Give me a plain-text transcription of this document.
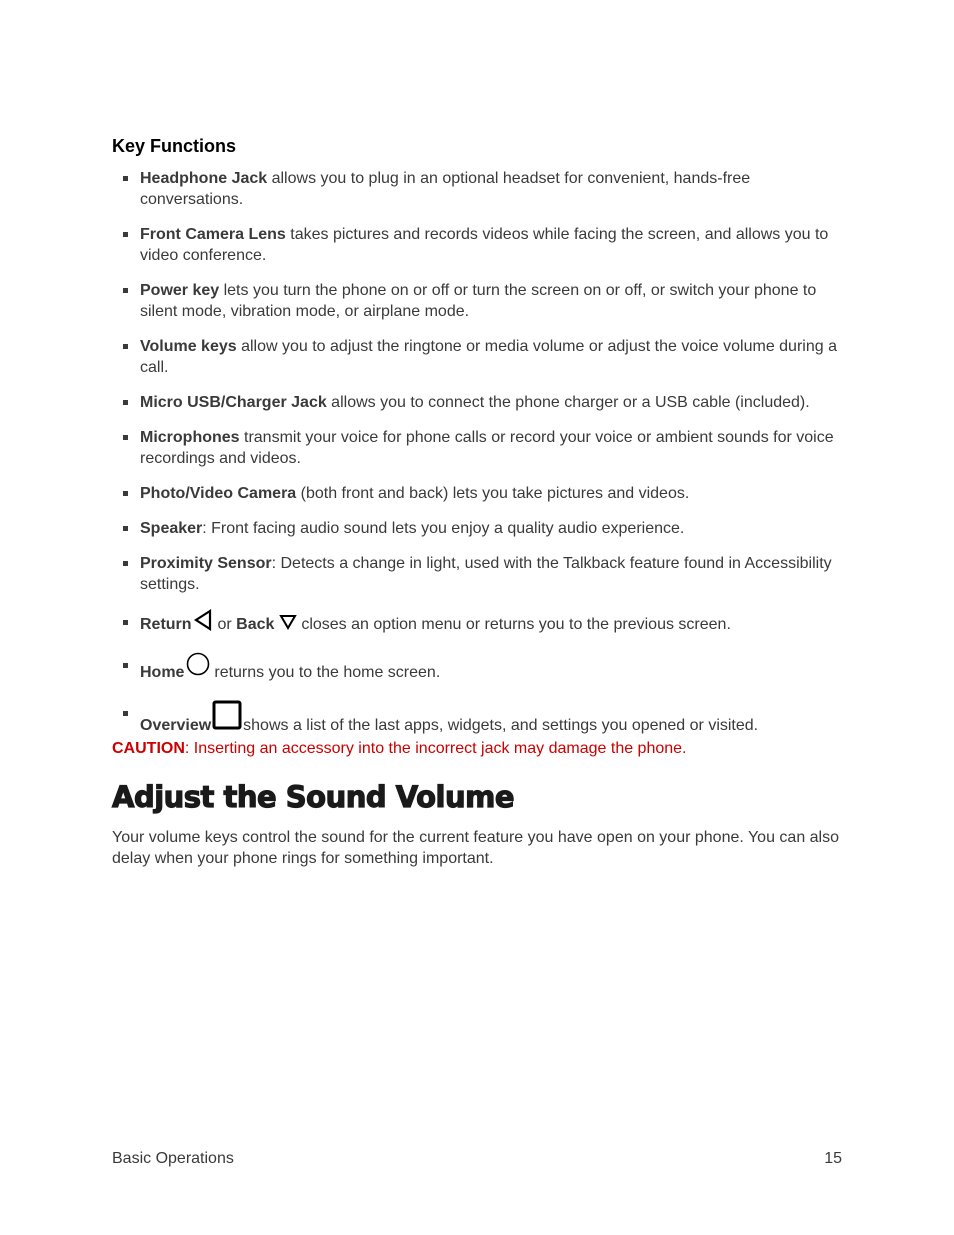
Key Functions
Headphone Jack allows you to plug in an optional headset for convenient, hands-free conversations.
Front Camera Lens takes pictures and records videos while facing the screen, and allows you to video conference.
Power key lets you turn the phone on or off or turn the screen on or off, or switch your phone to silent mode, vibration mode, or airplane mode.
Volume keys allow you to adjust the ringtone or media volume or adjust the voice volume during a call.
Micro USB/Charger Jack allows you to connect the phone charger or a USB cable (included).
Microphones transmit your voice for phone calls or record your voice or ambient sounds for voice recordings and videos.
Photo/Video Camera (both front and back) lets you take pictures and videos.
Speaker: Front facing audio sound lets you enjoy a quality audio experience.
Proximity Sensor: Detects a change in light, used with the Talkback feature found in Accessibility settings.
Return or Back closes an option menu or returns you to the previous screen.
Home returns you to the home screen.
Overview shows a list of the last apps, widgets, and settings you opened or visited.

CAUTION: Inserting an accessory into the incorrect jack may damage the phone.

Adjust the Sound Volume

Your volume keys control the sound for the current feature you have open on your phone. You can also delay when your phone rings for something important.

Basic Operations	15
